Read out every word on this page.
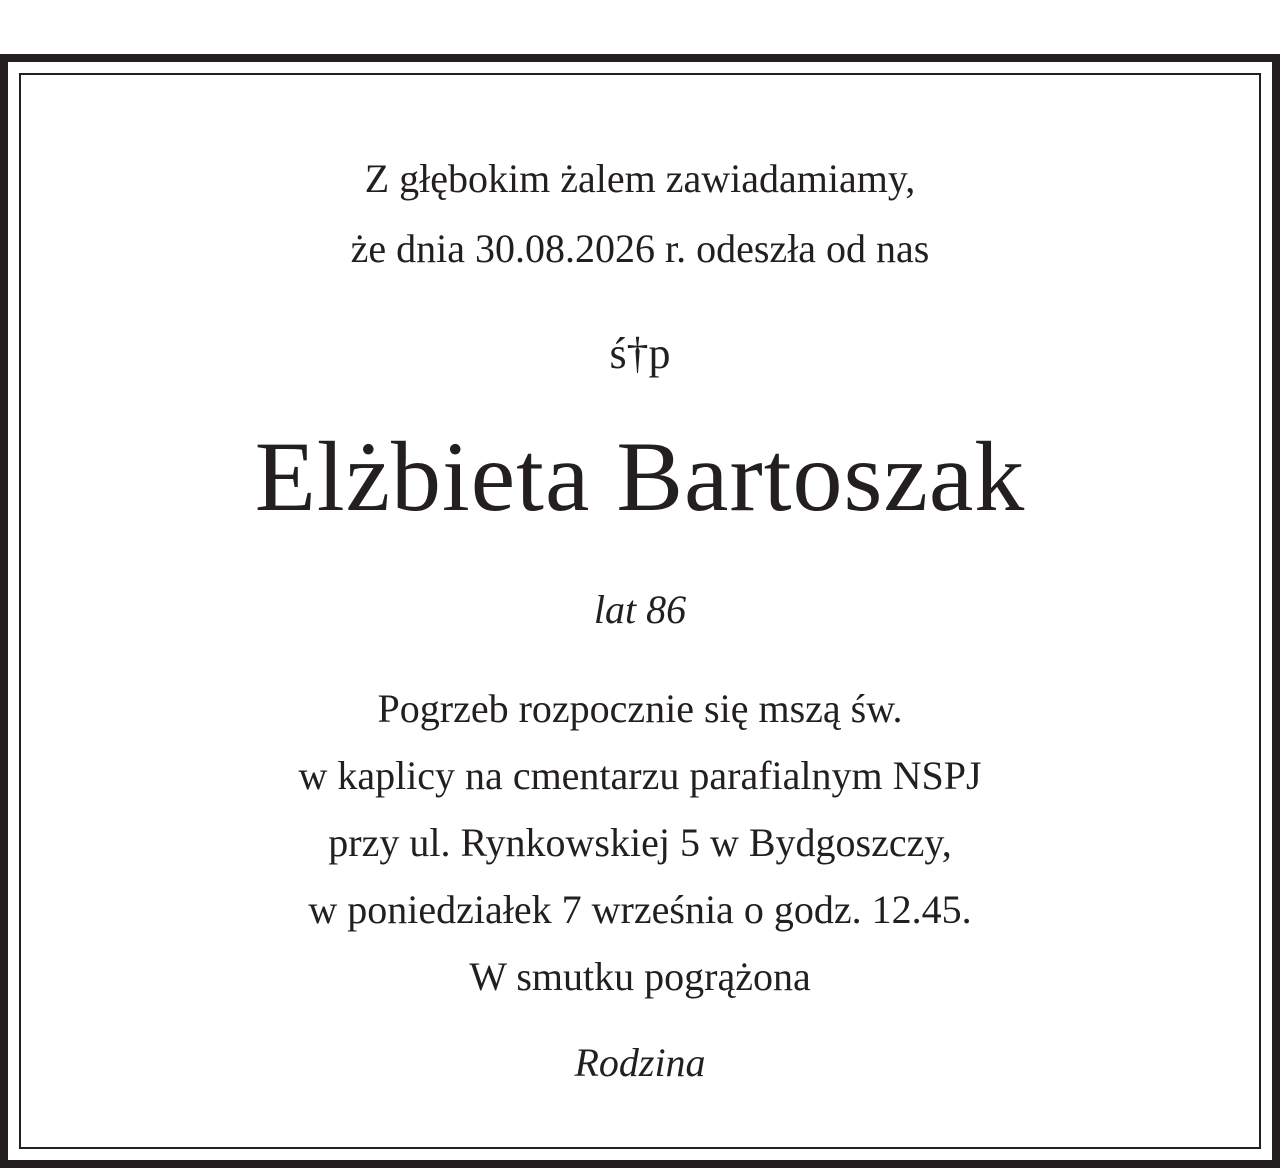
Z głębokim żalem zawiadamiamy,
że dnia 30.08.2026 r. odeszła od nas
ś†p
Elżbieta Bartoszak
lat 86
Pogrzeb rozpocznie się mszą św.
w kaplicy na cmentarzu parafialnym NSPJ
przy ul. Rynkowskiej 5 w Bydgoszczy,
w poniedziałek 7 września o godz. 12.45.
W smutku pogrążona
Rodzina
